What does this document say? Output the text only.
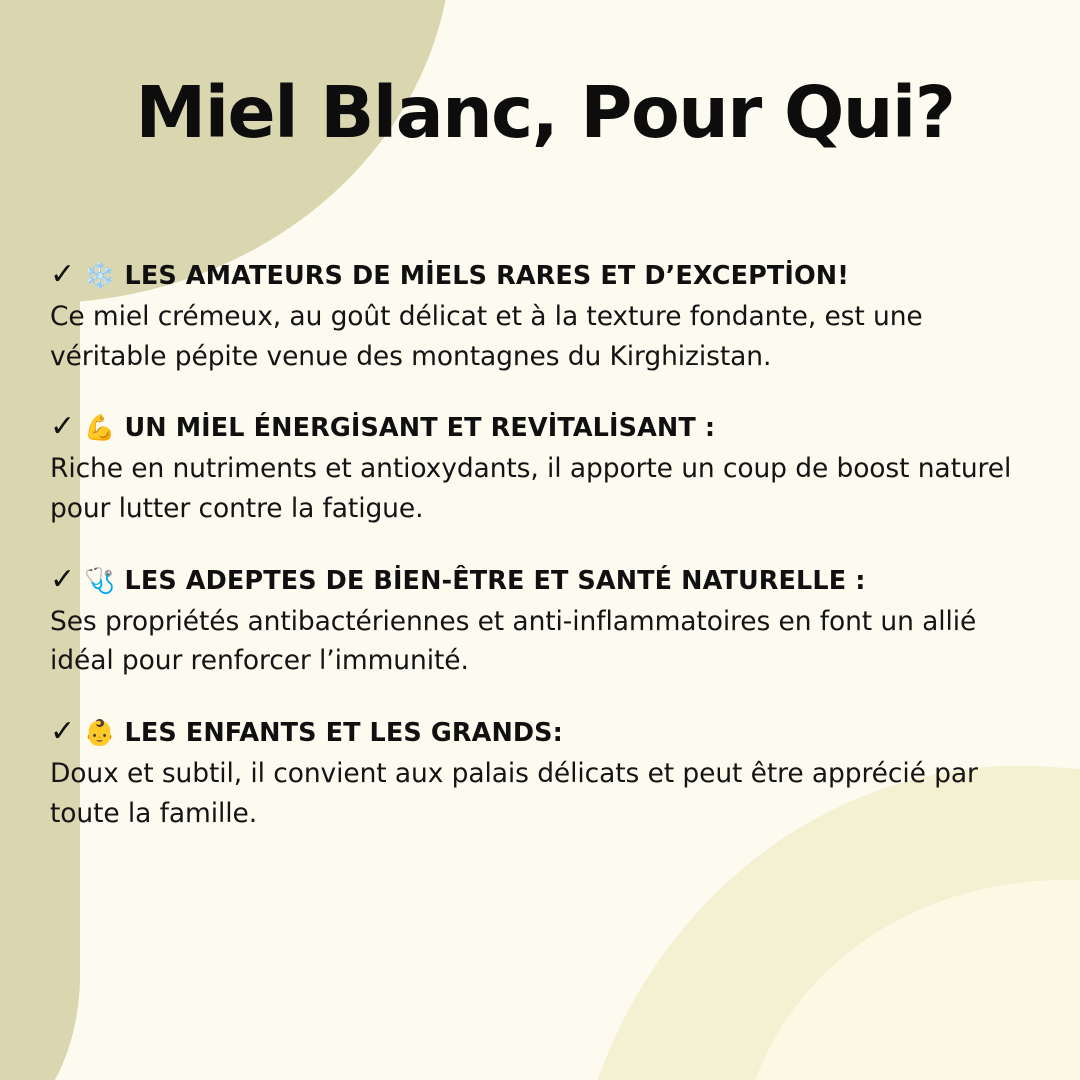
Miel Blanc, Pour Qui?

✓ ❄️ LES AMATEURS DE MİELS RARES ET D’EXCEPTİON!

Ce miel crémeux, au goût délicat et à la texture fondante, est une véritable pépite venue des montagnes du Kirghizistan.

✓ 💪 UN MİEL ÉNERGİSANT ET REVİTALİSANT :

Riche en nutriments et antioxydants, il apporte un coup de boost naturel pour lutter contre la fatigue.

✓ 🩺 LES ADEPTES DE BİEN-ÊTRE ET SANTÉ NATURELLE :

Ses propriétés antibactériennes et anti-inflammatoires en font un allié idéal pour renforcer l’immunité.

✓ 👶 LES ENFANTS ET LES GRANDS:

Doux et subtil, il convient aux palais délicats et peut être apprécié par toute la famille.
